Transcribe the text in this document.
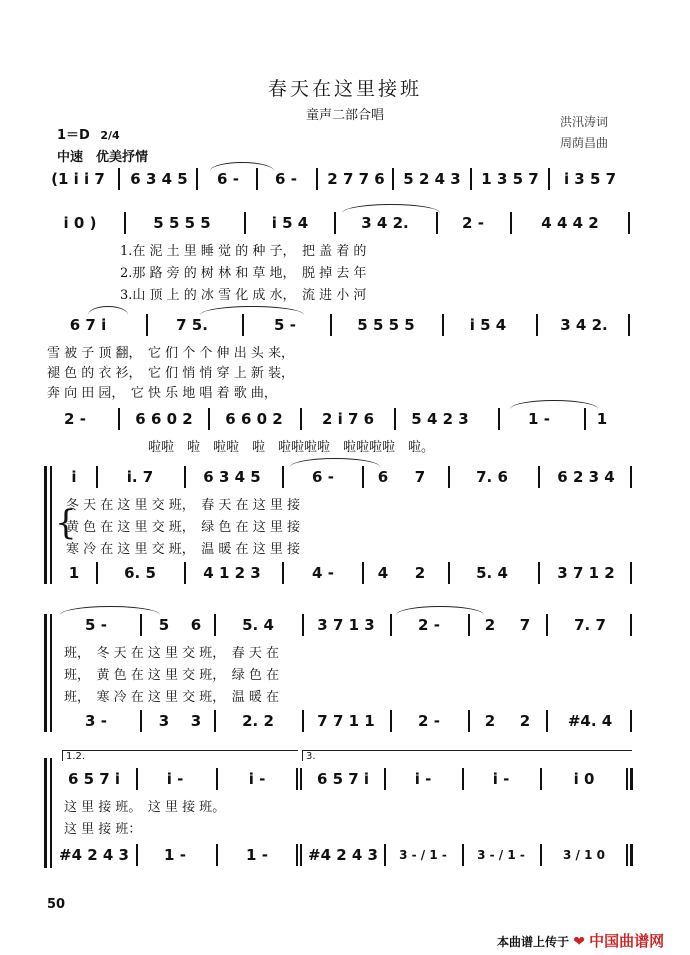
春天在这里接班
童声二部合唱	洪汛涛词
周荫昌曲
1＝D 2/4
中速　优美抒情
(1 i i 7	6 3 4 5	6 -	6 -	2 7 7 6	5 2 4 3	1 3 5 7	i 3 5 7
i 0 )	5 5 5 5	i 5 4	3 4 2.	2 -	4 4 4 2
1.在 泥 土 里 睡 觉 的 种 子，　把 盖 着 的
2.那 路 旁 的 树 林 和 草 地，　脱 掉 去 年
3.山 顶 上 的 冰 雪 化 成 水，　流 进 小 河
6 7 i	7 5.	5 -	5 5 5 5	i 5 4	3 4 2.
雪 被 子 顶 翻，　它 们 个 个 伸 出 头 来，
褪 色 的 衣 衫，　它 们 悄 悄 穿 上 新 装，
奔 向 田 园，　它 快 乐 地 唱 着 歌 曲，
2 -	6 6 0 2	6 6 0 2	2 i 7 6	5 4 2 3	1 -	1
啦啦　啦　啦啦　啦　啦啦啦啦　啦啦啦啦　啦。
{
i	i. 7	6 3 4 5	6 -	6	7	7. 6	6 2 3 4
冬 天 在 这 里 交 班，　春 天 在 这 里 接
黄 色 在 这 里 交 班，　绿 色 在 这 里 接
寒 冷 在 这 里 交 班，　温 暖 在 这 里 接
1	6. 5	4 1 2 3	4 -	4	2	5. 4	3 7 1 2
5 -	5	6	5. 4	3 7 1 3	2 -	2	7	7. 7
班，　冬 天 在 这 里 交 班，　春 天 在
班，　黄 色 在 这 里 交 班，　绿 色 在
班，　寒 冷 在 这 里 交 班，　温 暖 在
3 -	3	3	2. 2	7 7 1 1	2 -	2	2	#4. 4
1.2.	3.
6 5 7 i	i -	i -	6 5 7 i	i -	i -	i 0
这 里 接 班。　这 里 接 班。
这 里 接 班：
#4 2 4 3	1 -	1 -	#4 2 4 3	3 - / 1 -	3 - / 1 -	3 / 1 0
50
本曲谱上传于 ❤ 中国曲谱网
